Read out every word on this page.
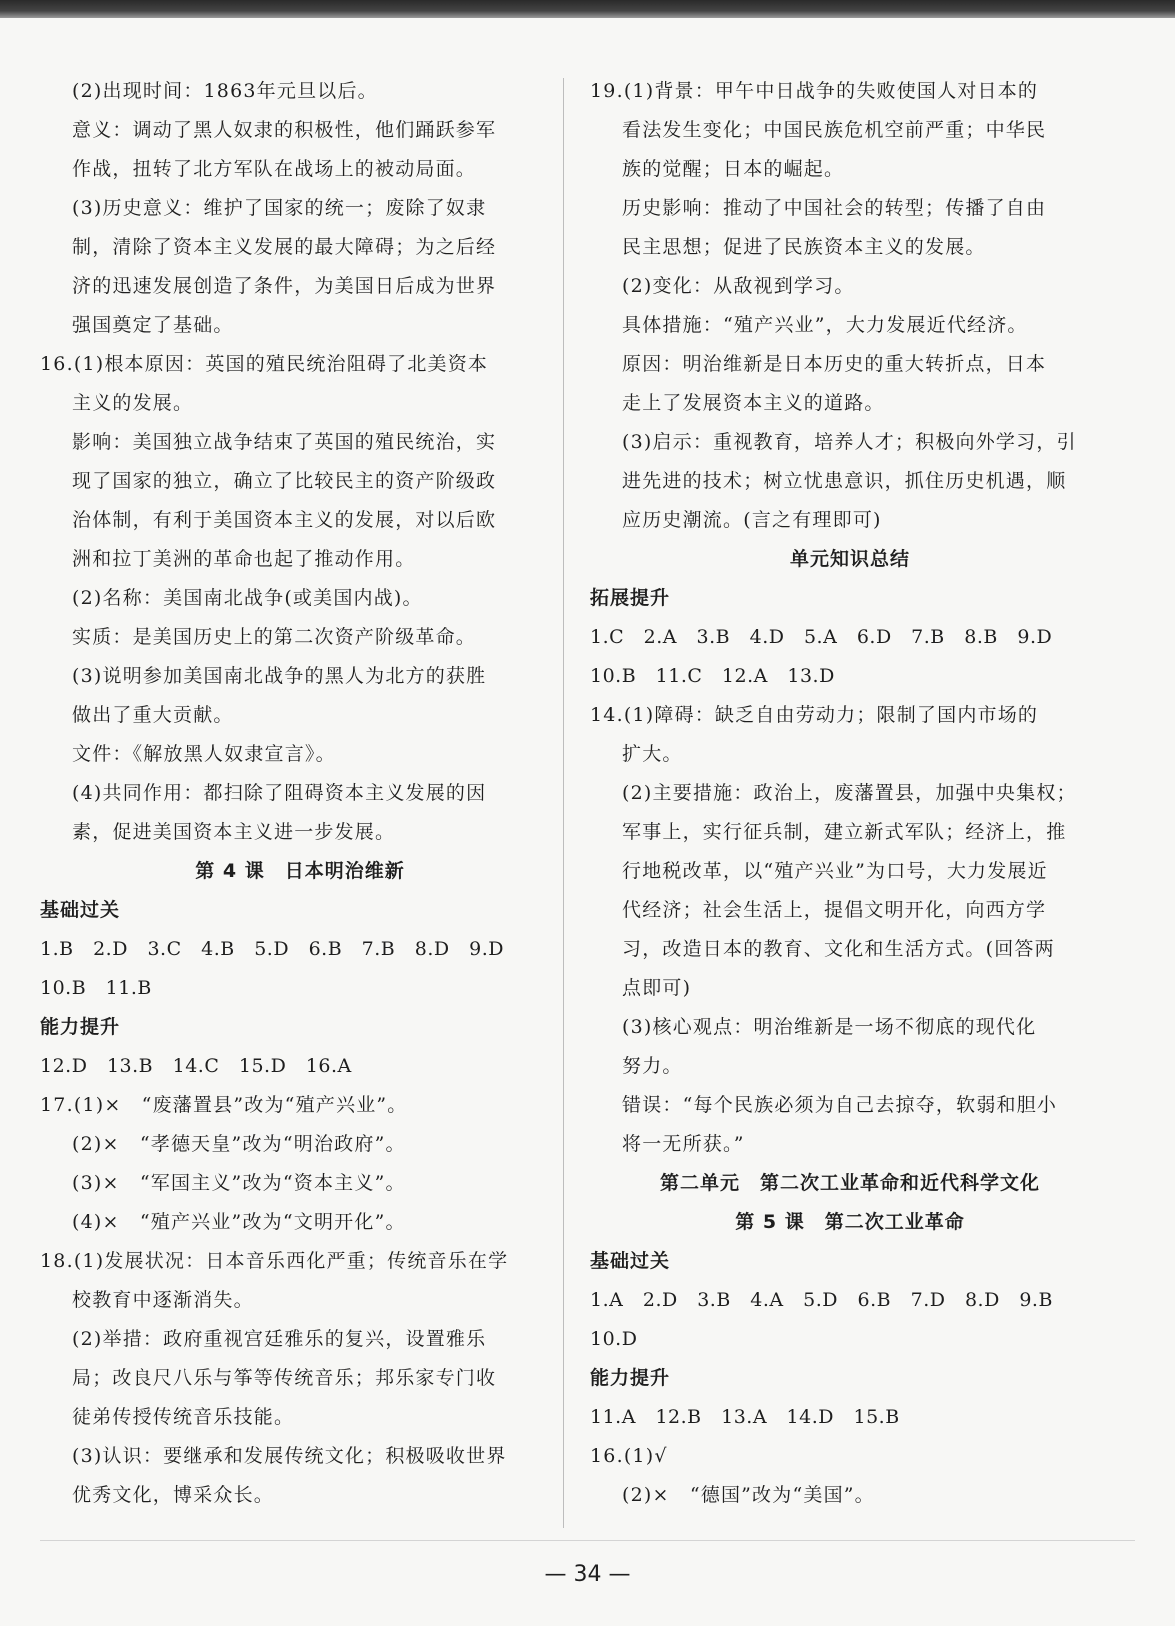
(2)出现时间：1863年元旦以后。
意义：调动了黑人奴隶的积极性，他们踊跃参军
作战，扭转了北方军队在战场上的被动局面。
(3)历史意义：维护了国家的统一；废除了奴隶
制，清除了资本主义发展的最大障碍；为之后经
济的迅速发展创造了条件，为美国日后成为世界
强国奠定了基础。
16.(1)根本原因：英国的殖民统治阻碍了北美资本
主义的发展。
影响：美国独立战争结束了英国的殖民统治，实
现了国家的独立，确立了比较民主的资产阶级政
治体制，有利于美国资本主义的发展，对以后欧
洲和拉丁美洲的革命也起了推动作用。
(2)名称：美国南北战争(或美国内战)。
实质：是美国历史上的第二次资产阶级革命。
(3)说明参加美国南北战争的黑人为北方的获胜
做出了重大贡献。
文件：《解放黑人奴隶宣言》。
(4)共同作用：都扫除了阻碍资本主义发展的因
素，促进美国资本主义进一步发展。
第 4 课　日本明治维新
基础过关
1.B　2.D　3.C　4.B　5.D　6.B　7.B　8.D　9.D
10.B　11.B
能力提升
12.D　13.B　14.C　15.D　16.A
17.(1)×　“废藩置县”改为“殖产兴业”。
(2)×　“孝德天皇”改为“明治政府”。
(3)×　“军国主义”改为“资本主义”。
(4)×　“殖产兴业”改为“文明开化”。
18.(1)发展状况：日本音乐西化严重；传统音乐在学
校教育中逐渐消失。
(2)举措：政府重视宫廷雅乐的复兴，设置雅乐
局；改良尺八乐与筝等传统音乐；邦乐家专门收
徒弟传授传统音乐技能。
(3)认识：要继承和发展传统文化；积极吸收世界
优秀文化，博采众长。
19.(1)背景：甲午中日战争的失败使国人对日本的
看法发生变化；中国民族危机空前严重；中华民
族的觉醒；日本的崛起。
历史影响：推动了中国社会的转型；传播了自由
民主思想；促进了民族资本主义的发展。
(2)变化：从敌视到学习。
具体措施：“殖产兴业”，大力发展近代经济。
原因：明治维新是日本历史的重大转折点，日本
走上了发展资本主义的道路。
(3)启示：重视教育，培养人才；积极向外学习，引
进先进的技术；树立忧患意识，抓住历史机遇，顺
应历史潮流。(言之有理即可)
单元知识总结
拓展提升
1.C　2.A　3.B　4.D　5.A　6.D　7.B　8.B　9.D
10.B　11.C　12.A　13.D
14.(1)障碍：缺乏自由劳动力；限制了国内市场的
扩大。
(2)主要措施：政治上，废藩置县，加强中央集权；
军事上，实行征兵制，建立新式军队；经济上，推
行地税改革，以“殖产兴业”为口号，大力发展近
代经济；社会生活上，提倡文明开化，向西方学
习，改造日本的教育、文化和生活方式。(回答两
点即可)
(3)核心观点：明治维新是一场不彻底的现代化
努力。
错误：“每个民族必须为自己去掠夺，软弱和胆小
将一无所获。”
第二单元　第二次工业革命和近代科学文化
第 5 课　第二次工业革命
基础过关
1.A　2.D　3.B　4.A　5.D　6.B　7.D　8.D　9.B
10.D
能力提升
11.A　12.B　13.A　14.D　15.B
16.(1)√
(2)×　“德国”改为“美国”。
— 34 —
